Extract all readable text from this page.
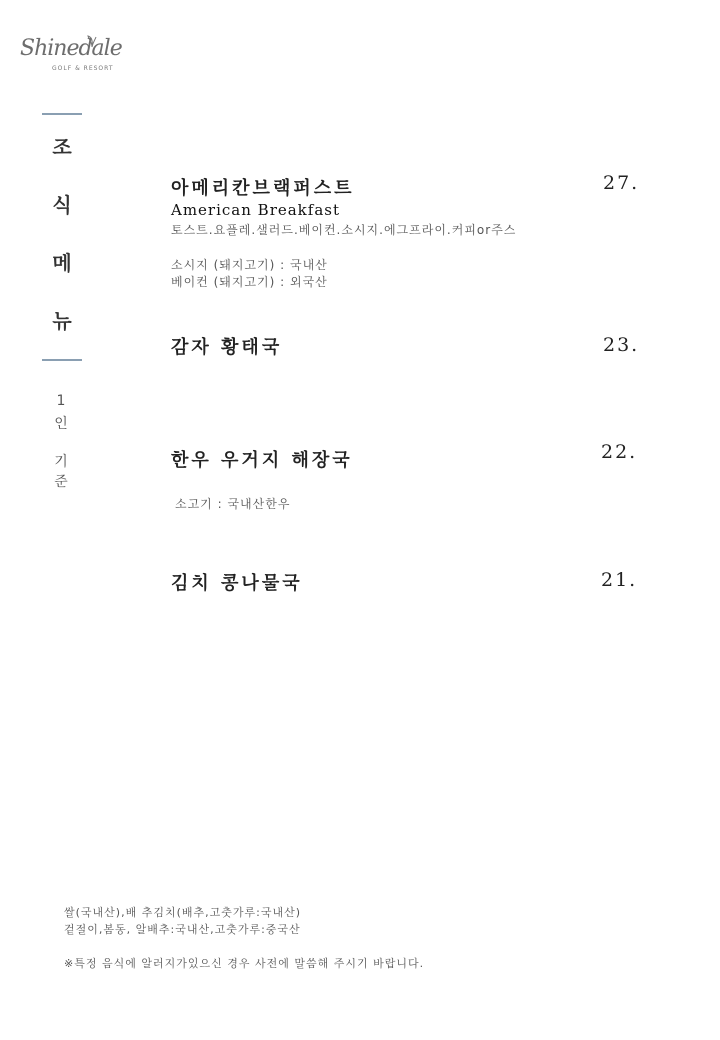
Shinedale
GOLF & RESORT
조
식
메
뉴
1
인
기
준
아메리칸브랙퍼스트	27.
American Breakfast
토스트.요플레.샐러드.베이컨.소시지.에그프라이.커피or주스
소시지 (돼지고기) : 국내산
베이컨 (돼지고기) : 외국산
감자 황태국	23.
한우 우거지 해장국	22.
소고기 : 국내산한우
김치 콩나물국	21.
쌀(국내산),배 추김치(배추,고춧가루:국내산)
겉절이,봄동, 알배추:국내산,고춧가루:중국산
※특정 음식에 알러지가있으신 경우 사전에 말씀해 주시기 바랍니다.
